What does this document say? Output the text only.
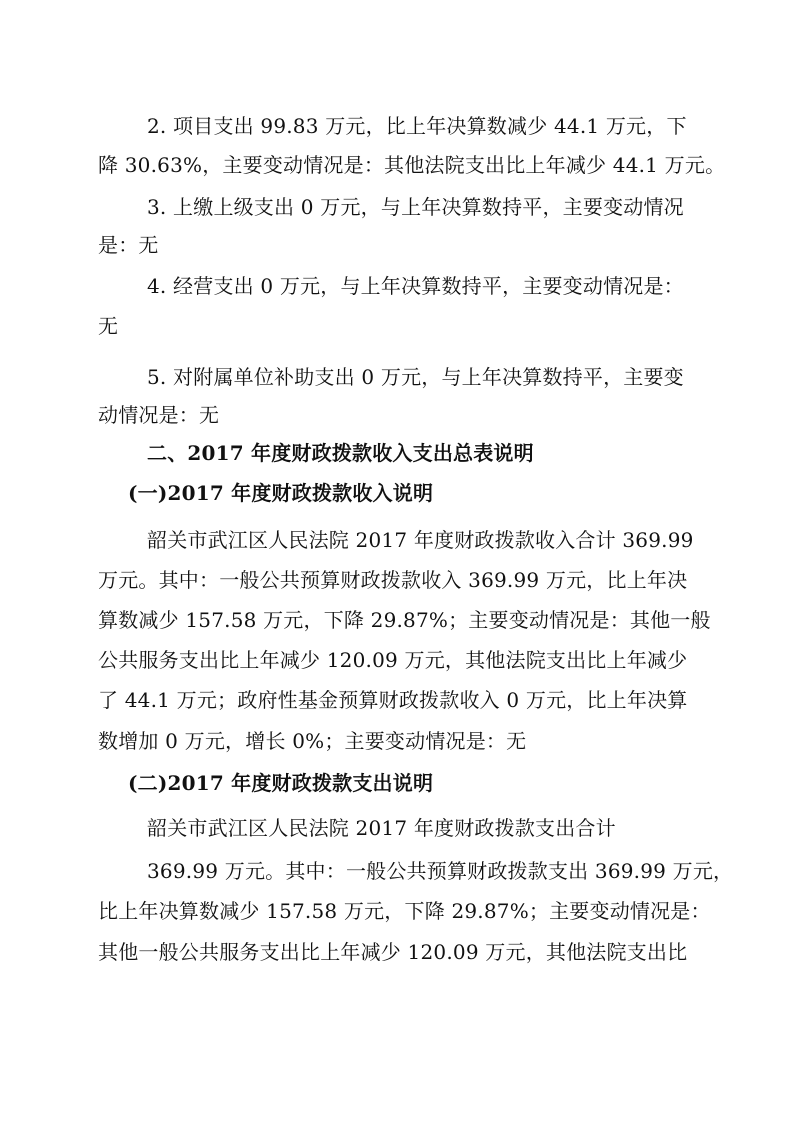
2. 项目支出 99.83 万元，比上年决算数减少 44.1 万元，下
降 30.63%，主要变动情况是：其他法院支出比上年减少 44.1 万元。
3. 上缴上级支出 0 万元，与上年决算数持平，主要变动情况
是：无
4. 经营支出 0 万元，与上年决算数持平，主要变动情况是：
无
5. 对附属单位补助支出 0 万元，与上年决算数持平，主要变
动情况是：无
二、2017 年度财政拨款收入支出总表说明
(一)2017 年度财政拨款收入说明
韶关市武江区人民法院 2017 年度财政拨款收入合计 369.99
万元。其中：一般公共预算财政拨款收入 369.99 万元，比上年决
算数减少 157.58 万元，下降 29.87%；主要变动情况是：其他一般
公共服务支出比上年减少 120.09 万元，其他法院支出比上年减少
了 44.1 万元；政府性基金预算财政拨款收入 0 万元，比上年决算
数增加 0 万元，增长 0%；主要变动情况是：无
(二)2017 年度财政拨款支出说明
韶关市武江区人民法院 2017 年度财政拨款支出合计
369.99 万元。其中：一般公共预算财政拨款支出 369.99 万元，
比上年决算数减少 157.58 万元，下降 29.87%；主要变动情况是：
其他一般公共服务支出比上年减少 120.09 万元，其他法院支出比
